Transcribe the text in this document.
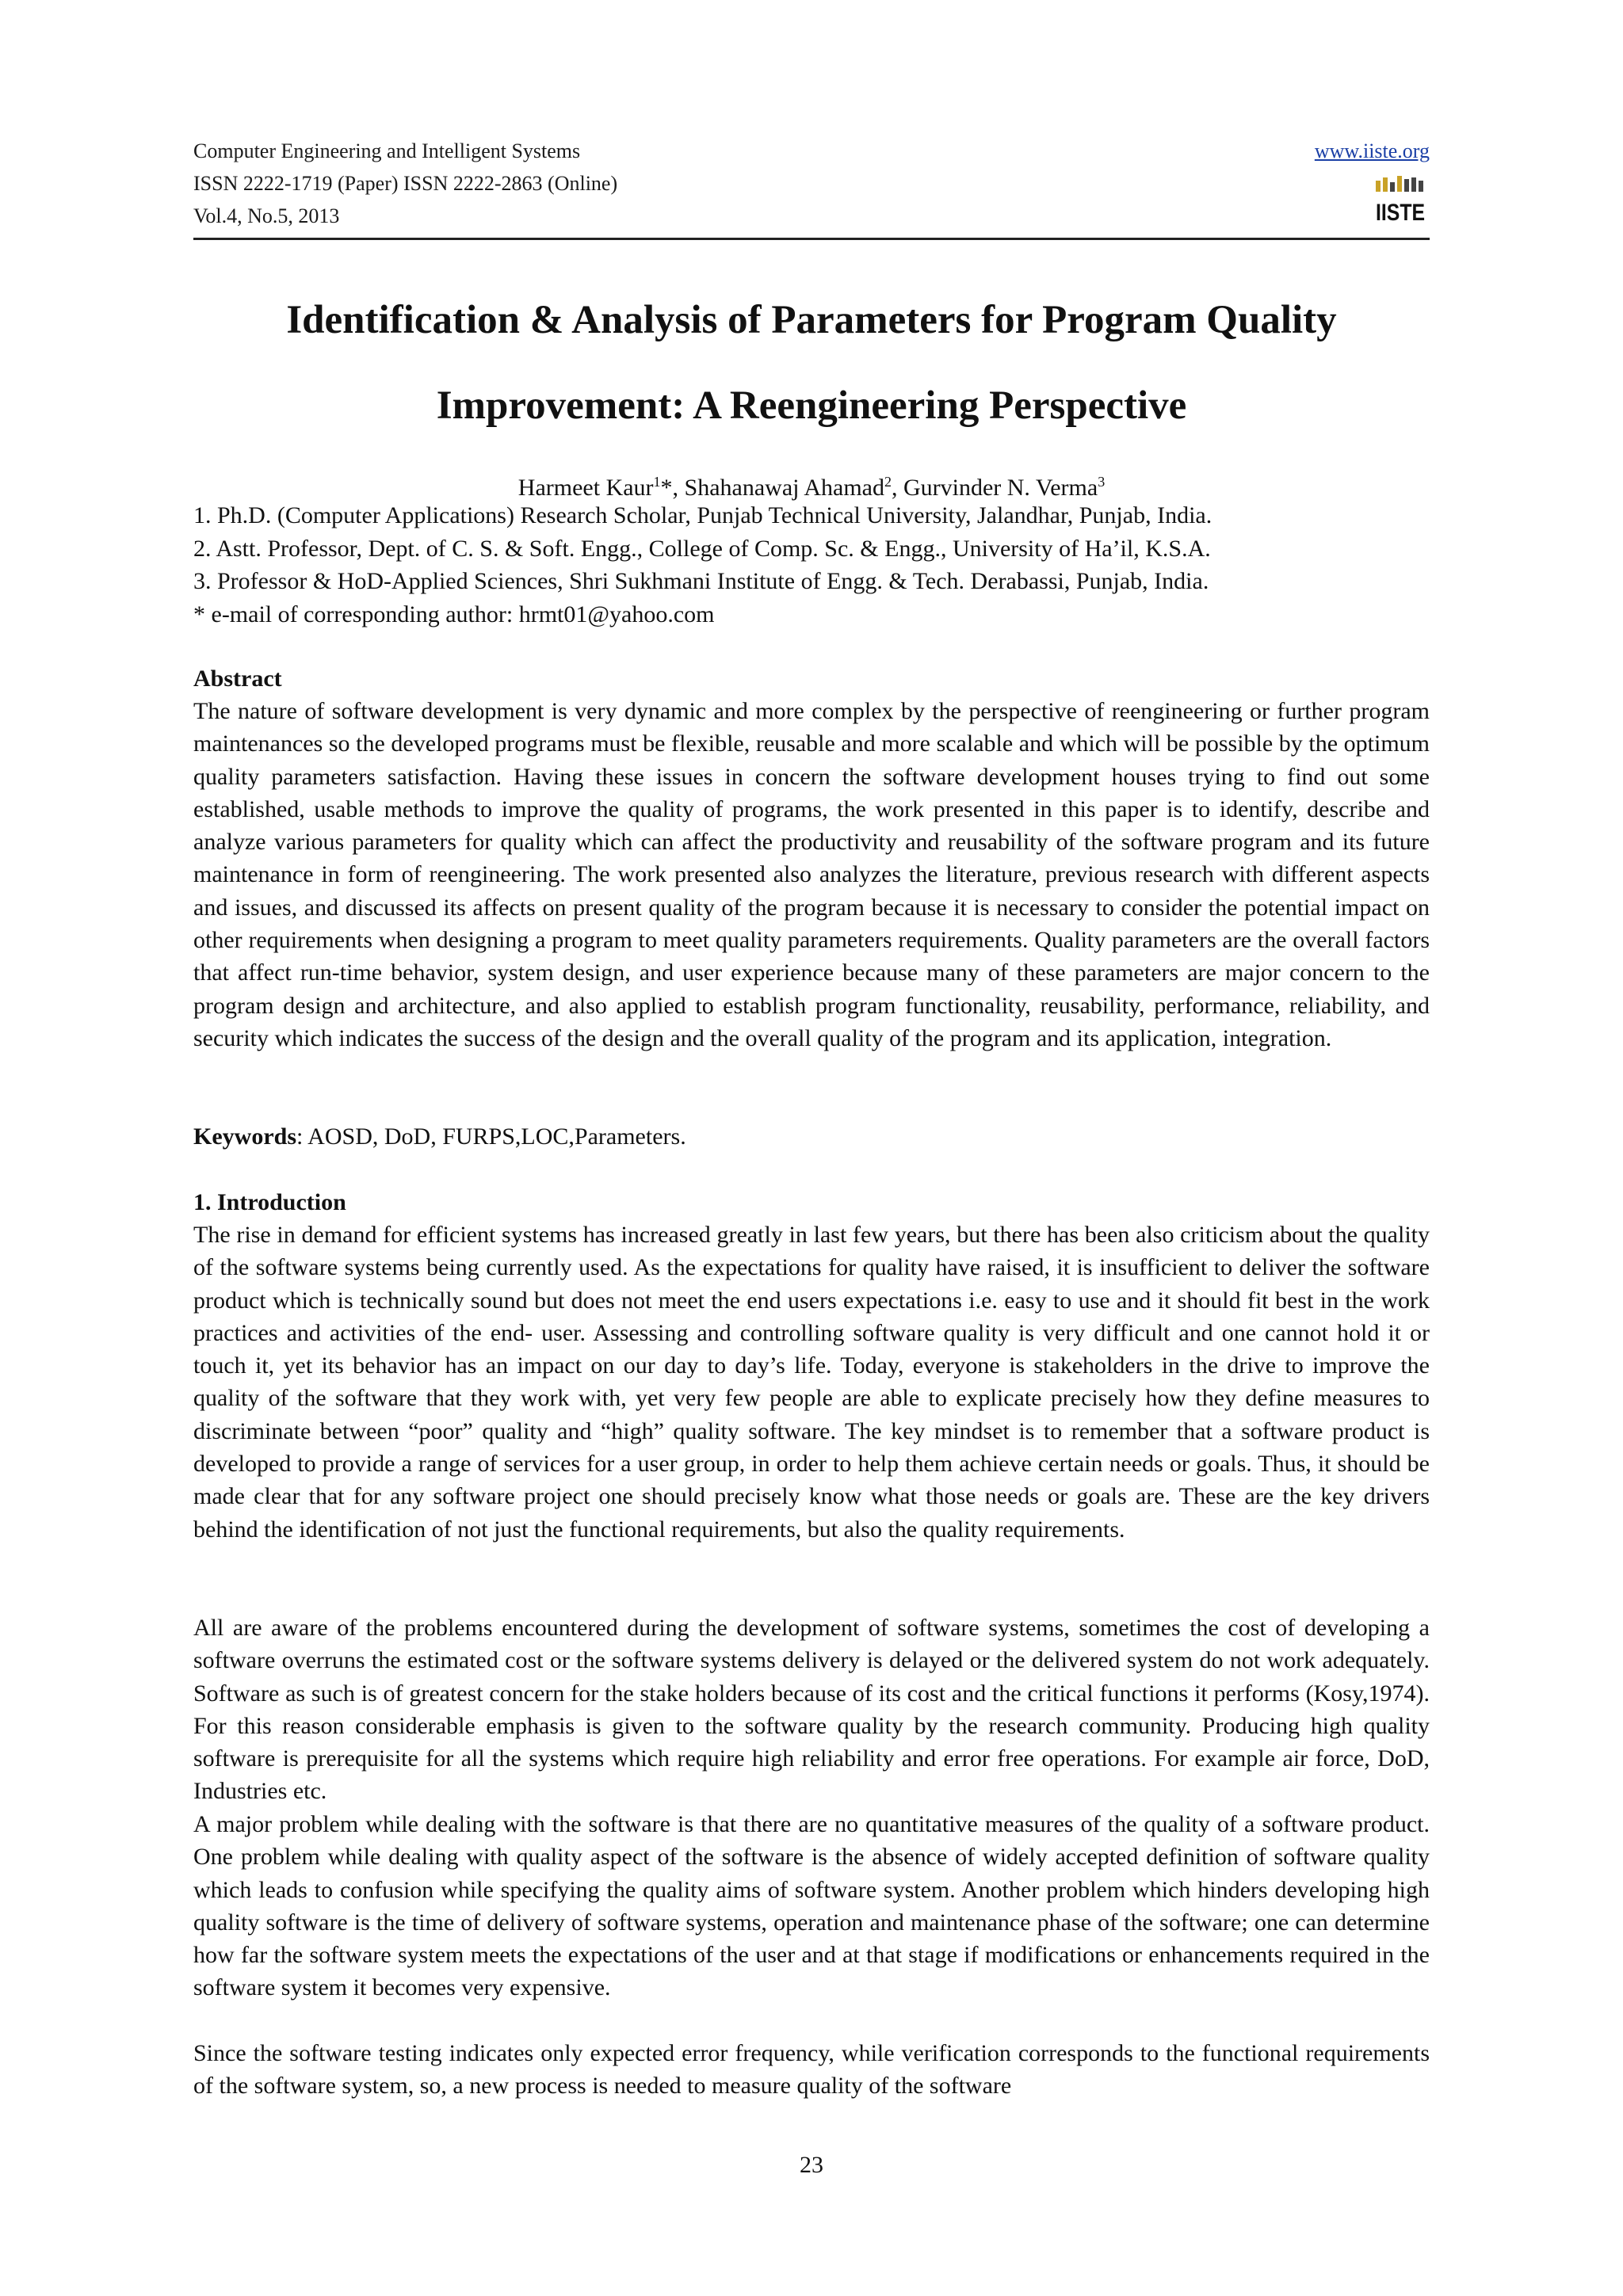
Computer Engineering and Intelligent Systems

ISSN 2222-1719 (Paper) ISSN 2222-2863 (Online)

Vol.4, No.5, 2013

www.iiste.org
IISTE
Identification & Analysis of Parameters for Program Quality
Improvement: A Reengineering Perspective

Harmeet Kaur$^1$*, Shahanawaj Ahamad$^2$, Gurvinder N. Verma$^3$

1. Ph.D. (Computer Applications) Research Scholar, Punjab Technical University, Jalandhar, Punjab, India.
2. Astt. Professor, Dept. of C. S. & Soft. Engg., College of Comp. Sc. & Engg., University of Ha’il, K.S.A.
3. Professor & HoD-Applied Sciences, Shri Sukhmani Institute of Engg. & Tech. Derabassi, Punjab, India.
* e-mail of corresponding author: hrmt01@yahoo.com

Abstract

The nature of software development is very dynamic and more complex by the perspective of reengineering or further program maintenances so the developed programs must be flexible, reusable and more scalable and which will be possible by the optimum quality parameters satisfaction. Having these issues in concern the software development houses trying to find out some established, usable methods to improve the quality of programs, the work presented in this paper is to identify, describe and analyze various parameters for quality which can affect the productivity and reusability of the software program and its future maintenance in form of reengineering. The work presented also analyzes the literature, previous research with different aspects and issues, and discussed its affects on present quality of the program because it is necessary to consider the potential impact on other requirements when designing a program to meet quality parameters requirements. Quality parameters are the overall factors that affect run-time behavior, system design, and user experience because many of these parameters are major concern to the program design and architecture, and also applied to establish program functionality, reusability, performance, reliability, and security which indicates the success of the design and the overall quality of the program and its application, integration.

Keywords: AOSD, DoD, FURPS,LOC,Parameters.

1. Introduction

The rise in demand for efficient systems has increased greatly in last few years, but there has been also criticism about the quality of the software systems being currently used. As the expectations for quality have raised, it is insufficient to deliver the software product which is technically sound but does not meet the end users expectations i.e. easy to use and it should fit best in the work practices and activities of the end- user. Assessing and controlling software quality is very difficult and one cannot hold it or touch it, yet its behavior has an impact on our day to day’s life. Today, everyone is stakeholders in the drive to improve the quality of the software that they work with, yet very few people are able to explicate precisely how they define measures to discriminate between “poor” quality and “high” quality software. The key mindset is to remember that a software product is developed to provide a range of services for a user group, in order to help them achieve certain needs or goals. Thus, it should be made clear that for any software project one should precisely know what those needs or goals are. These are the key drivers behind the identification of not just the functional requirements, but also the quality requirements.

All are aware of the problems encountered during the development of software systems, sometimes the cost of developing a software overruns the estimated cost or the software systems delivery is delayed or the delivered system do not work adequately. Software as such is of greatest concern for the stake holders because of its cost and the critical functions it performs (Kosy,1974). For this reason considerable emphasis is given to the software quality by the research community. Producing high quality software is prerequisite for all the systems which require high reliability and error free operations. For example air force, DoD, Industries etc.

A major problem while dealing with the software is that there are no quantitative measures of the quality of a software product. One problem while dealing with quality aspect of the software is the absence of widely accepted definition of software quality which leads to confusion while specifying the quality aims of software system. Another problem which hinders developing high quality software is the time of delivery of software systems, operation and maintenance phase of the software; one can determine how far the software system meets the expectations of the user and at that stage if modifications or enhancements required in the software system it becomes very expensive.

Since the software testing indicates only expected error frequency, while verification corresponds to the functional requirements of the software system, so, a new process is needed to measure quality of the software

23
